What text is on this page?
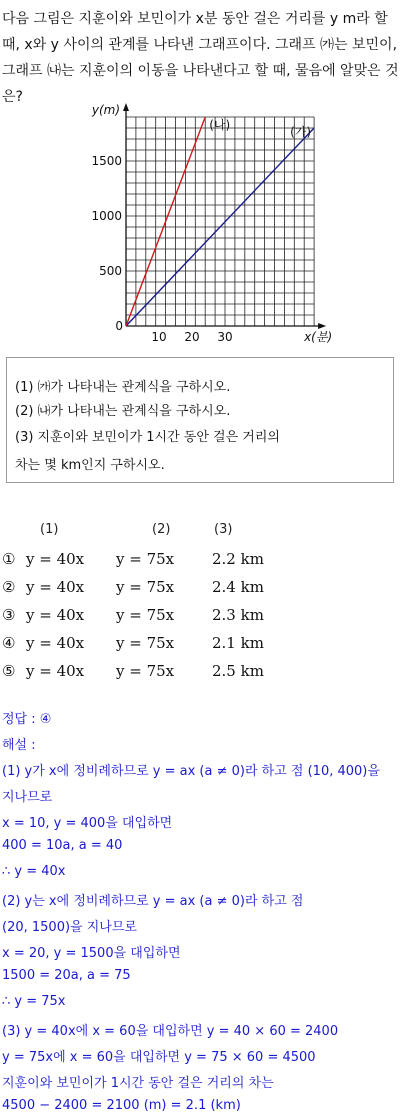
다음 그림은 지훈이와 보민이가 x분 동안 걸은 거리를 y m라 할
때, x와 y 사이의 관계를 나타낸 그래프이다. 그래프 ㈎는 보민이,
그래프 ㈏는 지훈이의 이동을 나타낸다고 할 때, 물음에 알맞은 것
은?
(가)
(나)
10 20 30
500
1000
1500
0
x(분)
y(m)
(1) ㈎가 나타내는 관계식을 구하시오.
(2) ㈏가 나타내는 관계식을 구하시오.
(3) 지훈이와 보민이가 1시간 동안 걸은 거리의
차는 몇 km인지 구하시오.
(1)	(2)	(3)
① y = 40x y = 75x	2.2 km
② y = 40x y = 75x	2.4 km
③ y = 40x y = 75x	2.3 km
④ y = 40x y = 75x	2.1 km
⑤ y = 40x y = 75x	2.5 km
정답 : ④
해설 :
(1) y가 x에 정비례하므로 y = ax (a ≠ 0)라 하고 점 (10, 400)을
지나므로
x = 10, y = 400을 대입하면
400 = 10a, a = 40
∴ y = 40x
(2) y는 x에 정비례하므로 y = ax (a ≠ 0)라 하고 점
(20, 1500)을 지나므로
x = 20, y = 1500을 대입하면
1500 = 20a, a = 75
∴ y = 75x
(3) y = 40x에 x = 60을 대입하면 y = 40 × 60 = 2400
y = 75x에 x = 60을 대입하면 y = 75 × 60 = 4500
지훈이와 보민이가 1시간 동안 걸은 거리의 차는
4500 − 2400 = 2100 (m) = 2.1 (km)
